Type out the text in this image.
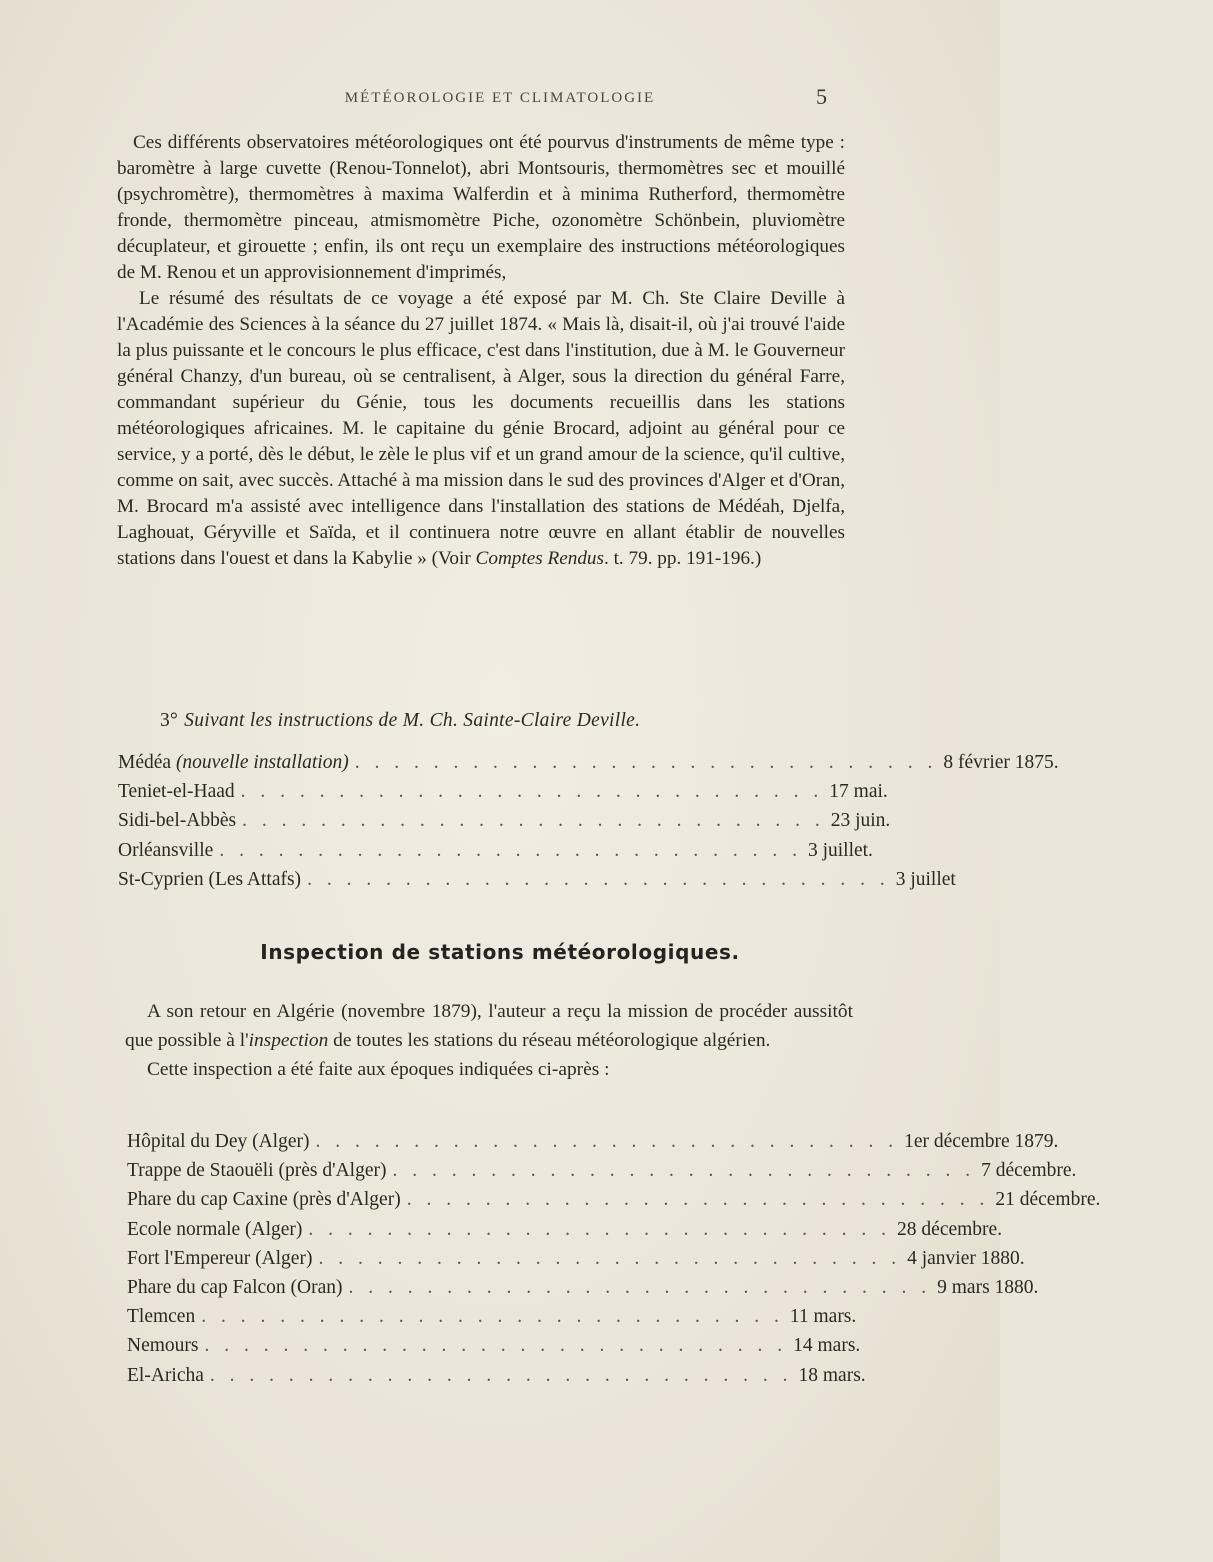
MÉTÉOROLOGIE ET CLIMATOLOGIE	5

Ces différents observatoires météorologiques ont été pourvus d'instruments de même type : baromètre à large cuvette (Renou-Tonnelot), abri Montsouris, thermomètres sec et mouillé (psychromètre), thermomètres à maxima Walferdin et à minima Rutherford, thermomètre fronde, thermomètre pinceau, atmismomètre Piche, ozonomètre Schönbein, pluviomètre décuplateur, et girouette ; enfin, ils ont reçu un exemplaire des instructions météorologiques de M. Renou et un approvisionnement d'imprimés,

Le résumé des résultats de ce voyage a été exposé par M. Ch. Ste Claire Deville à l'Académie des Sciences à la séance du 27 juillet 1874. « Mais là, disait-il, où j'ai trouvé l'aide la plus puissante et le concours le plus efficace, c'est dans l'institution, due à M. le Gouverneur général Chanzy, d'un bureau, où se centralisent, à Alger, sous la direction du général Farre, commandant supérieur du Génie, tous les documents recueillis dans les stations météorologiques africaines. M. le capitaine du génie Brocard, adjoint au général pour ce service, y a porté, dès le début, le zèle le plus vif et un grand amour de la science, qu'il cultive, comme on sait, avec succès. Attaché à ma mission dans le sud des provinces d'Alger et d'Oran, M. Brocard m'a assisté avec intelligence dans l'installation des stations de Médéah, Djelfa, Laghouat, Géryville et Saïda, et il continuera notre œuvre en allant établir de nouvelles stations dans l'ouest et dans la Kabylie » (Voir Comptes Rendus. t. 79. pp. 191-196.)

3° Suivant les instructions de M. Ch. Sainte-Claire Deville.
Médéa (nouvelle installation) . . . . . . . . . . . . . . . . . . . . . . . . . . . . . . 8 février 1875.
Teniet-el-Haad . . . . . . . . . . . . . . . . . . . . . . . . . . . . . . 17 mai.
Sidi-bel-Abbès . . . . . . . . . . . . . . . . . . . . . . . . . . . . . . 23 juin.
Orléansville . . . . . . . . . . . . . . . . . . . . . . . . . . . . . . 3 juillet.
St-Cyprien (Les Attafs) . . . . . . . . . . . . . . . . . . . . . . . . . . . . . . 3 juillet
Inspection de stations météorologiques.

A son retour en Algérie (novembre 1879), l'auteur a reçu la mission de procéder aussitôt que possible à l'inspection de toutes les stations du réseau météorologique algérien.

Cette inspection a été faite aux époques indiquées ci-après :

Hôpital du Dey (Alger) . . . . . . . . . . . . . . . . . . . . . . . . . . . . . . 1er décembre 1879.
Trappe de Staouëli (près d'Alger) . . . . . . . . . . . . . . . . . . . . . . . . . . . . . . 7 décembre.
Phare du cap Caxine (près d'Alger) . . . . . . . . . . . . . . . . . . . . . . . . . . . . . . 21 décembre.
Ecole normale (Alger) . . . . . . . . . . . . . . . . . . . . . . . . . . . . . . 28 décembre.
Fort l'Empereur (Alger) . . . . . . . . . . . . . . . . . . . . . . . . . . . . . . 4 janvier 1880.
Phare du cap Falcon (Oran) . . . . . . . . . . . . . . . . . . . . . . . . . . . . . . 9 mars 1880.
Tlemcen . . . . . . . . . . . . . . . . . . . . . . . . . . . . . . 11 mars.
Nemours . . . . . . . . . . . . . . . . . . . . . . . . . . . . . . 14 mars.
El-Aricha . . . . . . . . . . . . . . . . . . . . . . . . . . . . . . 18 mars.
